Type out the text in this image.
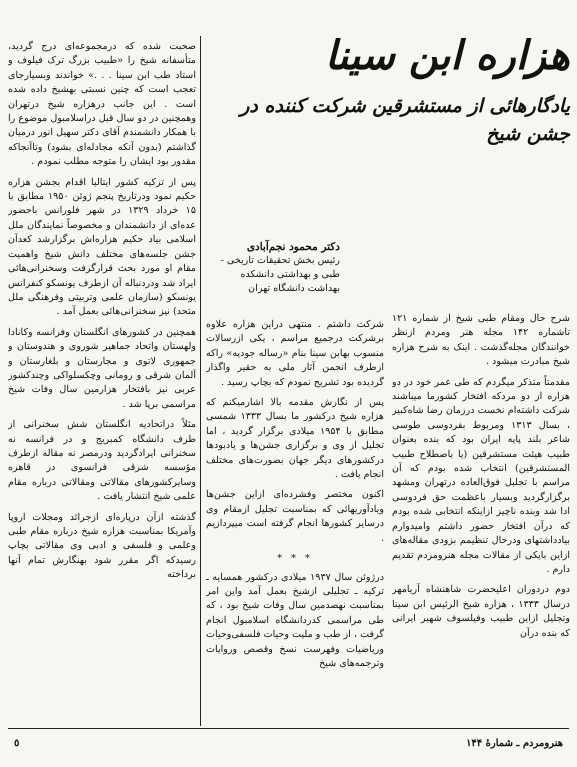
صحبت شده که درمجموعه‌ای درج گردید، متأسفانه شیخ را «طبیب بزرگ ترک فیلوف و استاد طب ابن سینا . . .» خواندند وبسیارجای تعجب است که چنین نسبتی بهشیخ داده شده است . این جانب درهزاره شیخ درتهران وهمچنین در دو سال قبل دراسلامبول موضوع را با همکار دانشمندم آقای دکتر سهیل انور درمیان گذاشتم (بدون آنکه مجادله‌ای بشود) وتاآنجاکه مقدور بود ایشان را متوجه مطلب نمودم .

پس از ترکیه کشور ایتالیا اقدام بجشن هزاره حکیم نمود ودرتاریخ پنجم ژوئن ۱۹۵۰ مطابق با ۱۵ خرداد ۱۳۲۹ در شهر فلورانس باحضور عده‌ای از دانشمندان و مخصوصاً نمایندگان ملل اسلامی بیاد حکیم هزاره‌اش برگزارشد کعدآن جشن جلسه‌های مختلف دانش شیخ واهمیت مقام او مورد بحث قرارگرفت وسخنرانی‌هائی ایراد شد ودردنباله آن ازطرف یونسکو کنفرانس یونسکو (سازمان علمی وتربیتی وفرهنگی ملل متحد) نیز سخنرانی‌هائی بعمل آمد .

همچنین در کشورهای انگلستان وفرانسه وکانادا ولهستان واتحاد جماهیر شوروی و هندوستان و جمهوری لاتوی و مجارستان و بلغارستان و آلمان شرقی و رومانی وچکسلواکی وچندکشور عربی نیز بافتخار هزارمین سال وفات شیخ مراسمی برپا شد .

مثلاً دراتحادیه انگلستان شش سخنرانی از طرف دانشگاه کمبریج و در فرانسه نه سخنرانی ایرادگردید ودرمصر نه مقاله ازطرف مؤسسه شرقی فرانسوی در قاهره وسایرکشورهای مقالاتی ومقالاتی درباره مقام علمی شیخ انتشار یافت .

گذشته ازآن درپاره‌ای ازجرائد ومجلات اروپا وآمریکا بمناسبت هزاره شیخ درباره مقام طبی وعلمی و فلسفی و ادبی وی مقالاتی بچاپ رسیدکه اگر مقرر شود بهنگارش تمام آنها برداخته

هزاره ابن سینا
یادگارهائی از مستشرقین شرکت کننده در جشن شیخ
دکتر محمود نجم‌آبادی
رئیس بخش تحقیقات تاریخی - طبی و بهداشتی دانشکده بهداشت دانشگاه تهران

شرکت داشتم . منتهی دراین هزاره علاوه برشرکت درجمیع مراسم ، یکی ازرسالات منسوب بهابن سینا بنام «رساله جودیه» راکه ازطرف انجمن آثار ملی به حقیر واگذار گردیده بود تشریح نمودم که بچاپ رسید .

پس از نگارش مقدمه بالا اشارمیکنم که هزاره شیخ درکشور ما بسال ۱۳۳۳ شمسی مطابق با ۱۹۵۴ میلادی برگزار گردید ، اما تجلیل از وی و برگزاری جشن‌ها و یادبودها درکشورهای دیگر جهان بصورت‌های مختلف انجام یافت .

اکنون مختصر وفشرده‌ای ازاین جشن‌ها ویادآوریهائی که بمناسبت تجلیل ازمقام وی درسایر کشورها انجام گرفته است میپردازیم .

* * *

درژوئن سال ۱۹۳۷ میلادی درکشور همسایه ـ ترکیه ـ تجلیلی ازشیخ بعمل آمد واین امر بمناسبت نهصدمین سال وفات شیخ بود ، که طی مراسمی کدردانشگاه اسلامبول انجام گرفت ، از طب و ملیت وحیات فلسفی‌وحیات وریاضیات وفهرست نسخ وقصص وروایات وترجمه‌های شیخ

شرح حال ومقام طبی شیخ از شماره ۱۲۱ تاشماره ۱۴۲ مجله هنر ومردم ازنظر خوانندگان مجله‌گذشت . اینک به شرح هزاره شیخ مبادرت میشود .

مقدمتاً متذکر میگردم که طی عمر خود در دو هزاره از دو مردکه افتخار کشورما میباشند شرکت داشته‌ام نخست درزمان رضا شاه‌کبیر ، بسال ۱۳۱۳ ومربوط بفردوسی طوسی شاعر بلند پایه ایران بود که بنده بعنوان طبیب هیئت مستشرقین (یا باصطلاح طبیب المستشرقین) انتخاب شده بودم که آن مراسم با تجلیل فوق‌العاده درتهران ومشهد برگزارگردید وبسیار باعظمت حق فردوسی ادا شد وبنده ناچیز ازاینکه انتخابی شده بودم که درآن افتخار حضور داشتم وامیدوارم بیادداشتهای ودرحال تنظیمم بزودی مقاله‌های ازاین بایکی از مقالات مجله هنرومردم تقدیم دارم .

دوم دردوران اعلیحضرت شاهنشاه آریامهر درسال ۱۳۳۳ ، هزاره شیخ الرئیس ابن سینا وتجلیل ازاین طبیب وفیلسوف شهیر ایرانی که بنده درآن

٥	هنرومردم ـ شمارهٔ ۱۴۴
